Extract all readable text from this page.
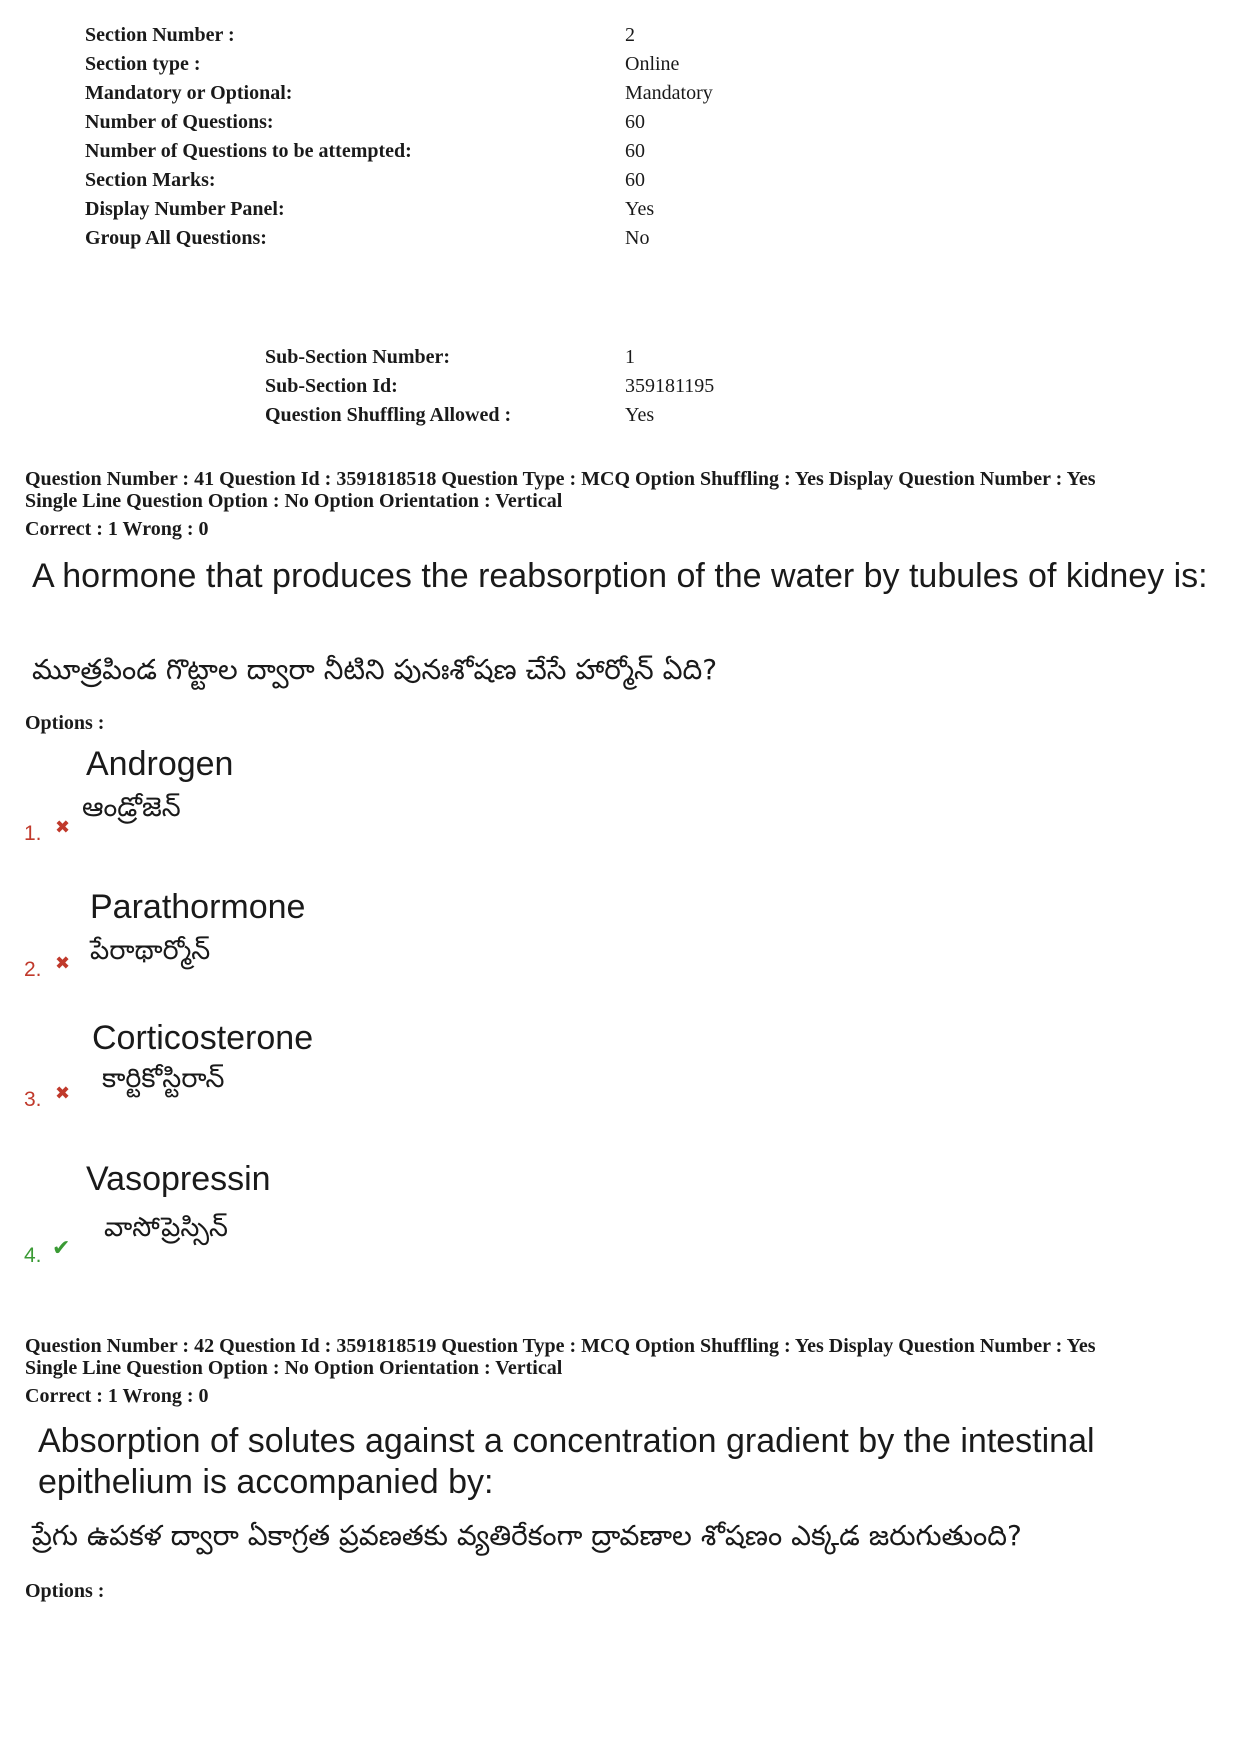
Section Number :	2
Section type :	Online
Mandatory or Optional:	Mandatory
Number of Questions:	60
Number of Questions to be attempted:	60
Section Marks:	60
Display Number Panel:	Yes
Group All Questions:	No
Sub-Section Number:	1
Sub-Section Id:	359181195
Question Shuffling Allowed :	Yes
Question Number : 41 Question Id : 3591818518 Question Type : MCQ Option Shuffling : Yes Display Question Number : Yes
Single Line Question Option : No Option Orientation : Vertical
Correct : 1 Wrong : 0
A hormone that produces the reabsorption of the water by tubules of kidney is:
మూత్రపిండ గొట్టాల ద్వారా నీటిని పునఃశోషణ చేసే హార్మోన్ ఏది?
Options :
Androgen
ఆండ్రోజెన్
1. ✖
Parathormone
పేరాథార్మోన్
2. ✖
Corticosterone
కార్టికోస్టిరాన్
3. ✖
Vasopressin
వాసోప్రెస్సిన్
4. ✔
Question Number : 42 Question Id : 3591818519 Question Type : MCQ Option Shuffling : Yes Display Question Number : Yes
Single Line Question Option : No Option Orientation : Vertical
Correct : 1 Wrong : 0
Absorption of solutes against a concentration gradient by the intestinal
epithelium is accompanied by:
ప్రేగు ఉపకళ ద్వారా ఏకాగ్రత ప్రవణతకు వ్యతిరేకంగా ద్రావణాల శోషణం ఎక్కడ జరుగుతుంది?
Options :
